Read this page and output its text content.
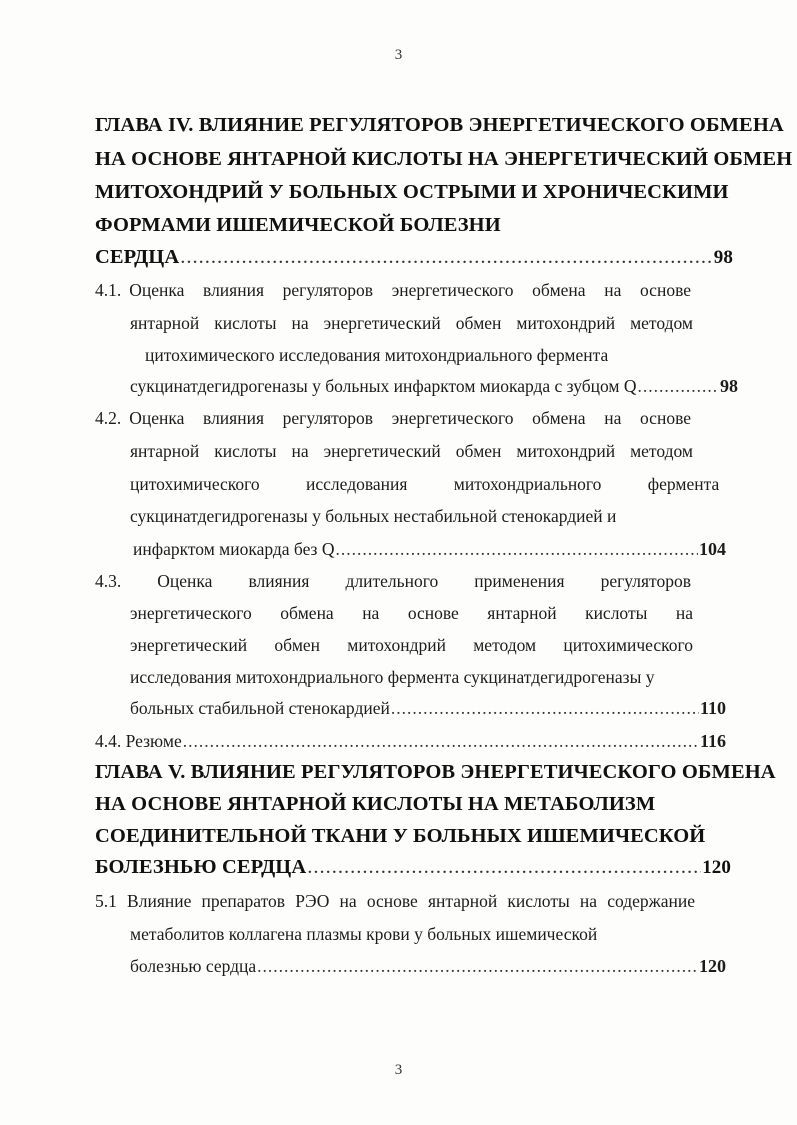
3
ГЛАВА IV. ВЛИЯНИЕ РЕГУЛЯТОРОВ ЭНЕРГЕТИЧЕСКОГО ОБМЕНА
НА ОСНОВЕ ЯНТАРНОЙ КИСЛОТЫ НА ЭНЕРГЕТИЧЕСКИЙ ОБМЕН
МИТОХОНДРИЙ У БОЛЬНЫХ ОСТРЫМИ И ХРОНИЧЕСКИМИ
ФОРМАМИ ИШЕМИЧЕСКОЙ БОЛЕЗНИ
СЕРДЦА .....	98
4.1. Оценка влияния регуляторов энергетического обмена на основе
янтарной кислоты на энергетический обмен митохондрий методом
цитохимического исследования митохондриального фермента
сукцинатдегидрогеназы у больных инфарктом миокарда с зубцом Q .....	98
4.2. Оценка влияния регуляторов энергетического обмена на основе
янтарной кислоты на энергетический обмен митохондрий методом
цитохимического исследования митохондриального фермента
сукцинатдегидрогеназы у больных нестабильной стенокардией и
инфарктом миокарда без Q .....	104
4.3. Оценка влияния длительного применения регуляторов
энергетического обмена на основе янтарной кислоты на
энергетический обмен митохондрий методом цитохимического
исследования митохондриального фермента сукцинатдегидрогеназы у
больных стабильной стенокардией .....	110
4.4. Резюме .....	116
ГЛАВА V. ВЛИЯНИЕ РЕГУЛЯТОРОВ ЭНЕРГЕТИЧЕСКОГО ОБМЕНА
НА ОСНОВЕ ЯНТАРНОЙ КИСЛОТЫ НА МЕТАБОЛИЗМ
СОЕДИНИТЕЛЬНОЙ ТКАНИ У БОЛЬНЫХ ИШЕМИЧЕСКОЙ
БОЛЕЗНЬЮ СЕРДЦА .....	120
5.1 Влияние препаратов РЭО на основе янтарной кислоты на содержание
метаболитов коллагена плазмы крови у больных ишемической
болезнью сердца .....	120
3
